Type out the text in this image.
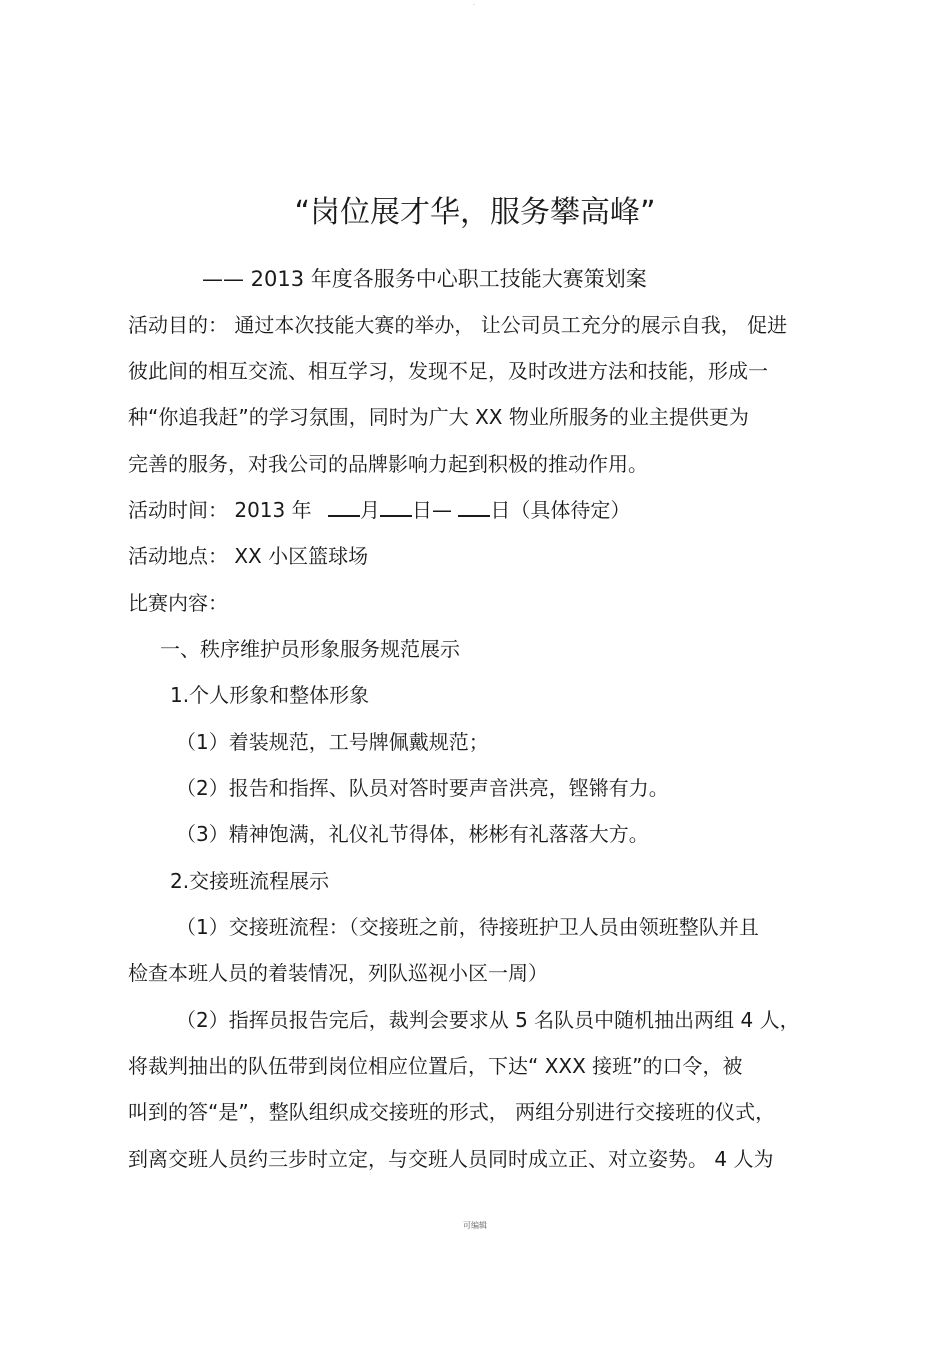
·
“岗位展才华，服务攀高峰”
—— 2013 年度各服务中心职工技能大赛策划案
活动目的： 通过本次技能大赛的举办， 让公司员工充分的展示自我， 促进
彼此间的相互交流、相互学习，发现不足，及时改进方法和技能，形成一
种“你追我赶”的学习氛围，同时为广大 XX 物业所服务的业主提供更为
完善的服务，对我公司的品牌影响力起到积极的推动作用。
活动时间： 2013 年 月 日— 日（具体待定）
活动地点： XX 小区篮球场
比赛内容：
一、秩序维护员形象服务规范展示
1.个人形象和整体形象
（1）着装规范，工号牌佩戴规范；
（2）报告和指挥、队员对答时要声音洪亮，铿锵有力。
（3）精神饱满，礼仪礼节得体，彬彬有礼落落大方。
2.交接班流程展示
（1）交接班流程：（交接班之前，待接班护卫人员由领班整队并且
检查本班人员的着装情况，列队巡视小区一周）
（2）指挥员报告完后，裁判会要求从 5 名队员中随机抽出两组 4 人，
将裁判抽出的队伍带到岗位相应位置后，下达“ XXX 接班”的口令，被
叫到的答“是”，整队组织成交接班的形式， 两组分别进行交接班的仪式，
到离交班人员约三步时立定，与交班人员同时成立正、对立姿势。 4 人为
可编辑
